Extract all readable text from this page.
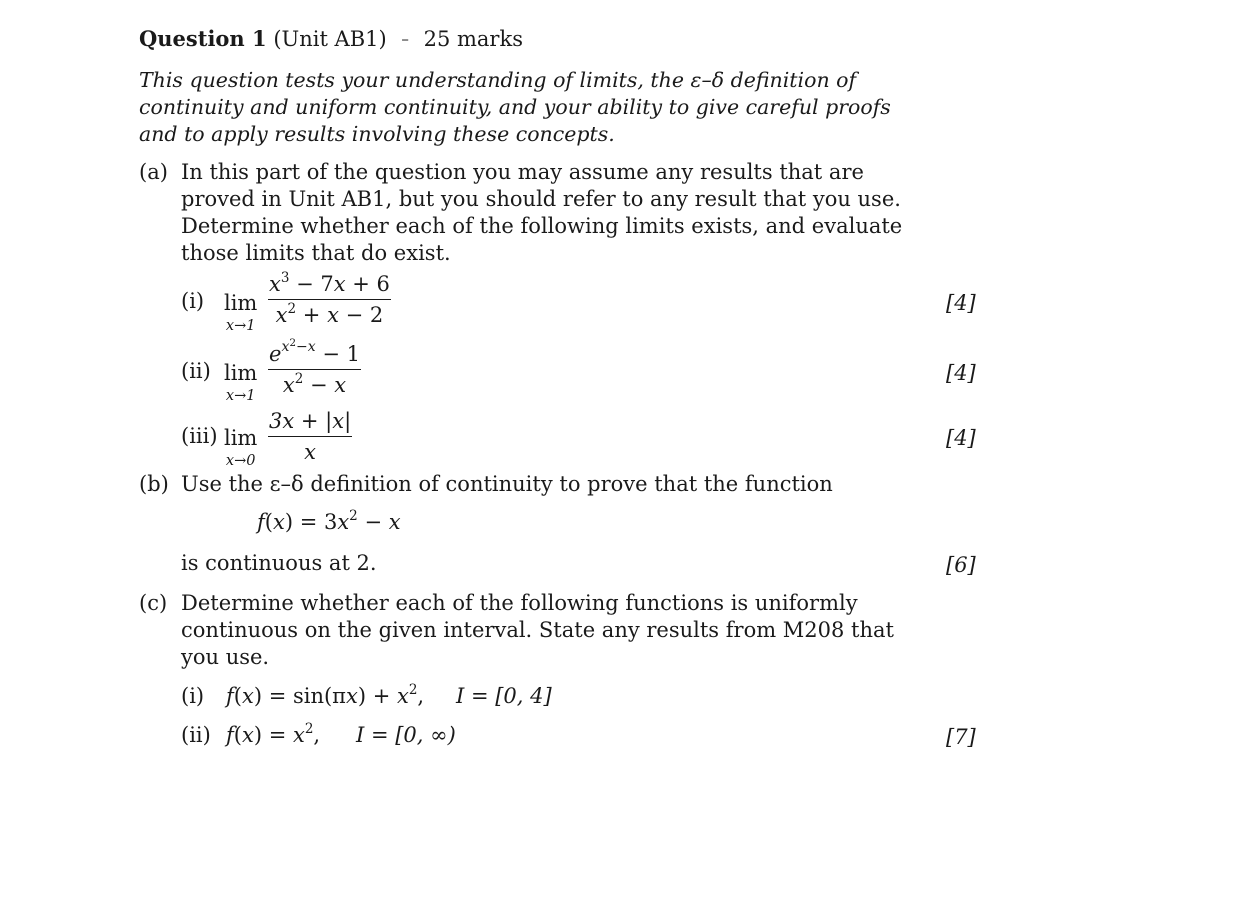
Question 1 (Unit AB1) – 25 marks
This question tests your understanding of limits, the ε–δ definition of
continuity and uniform continuity, and your ability to give careful proofs
and to apply results involving these concepts.
(a) In this part of the question you may assume any results that are
proved in Unit AB1, but you should refer to any result that you use.
Determine whether each of the following limits exists, and evaluate
those limits that do exist.
(i) lim
$x\to 1 \frac{x^3 - 7x + 6}{x^2 + x - 2}$	[4]
(ii) lim
$x\to 1 \frac{e^{x^2-x} - 1}{x^2 - x}$	[4]
(iii) lim
$x\to 0 \frac{3x + |x|}{x}$	[4]
(b) Use the ε–δ definition of continuity to prove that the function
$f(x) = 3x^2 - x$
is continuous at 2.	[6]
(c) Determine whether each of the following functions is uniformly
continuous on the given interval. State any results from M208 that
you use.
(i) $f(x) = \sin(\pi x) + x^2$, I = [0, 4]
(ii) $f(x) = x^2$, I = [0, ∞)	[7]
